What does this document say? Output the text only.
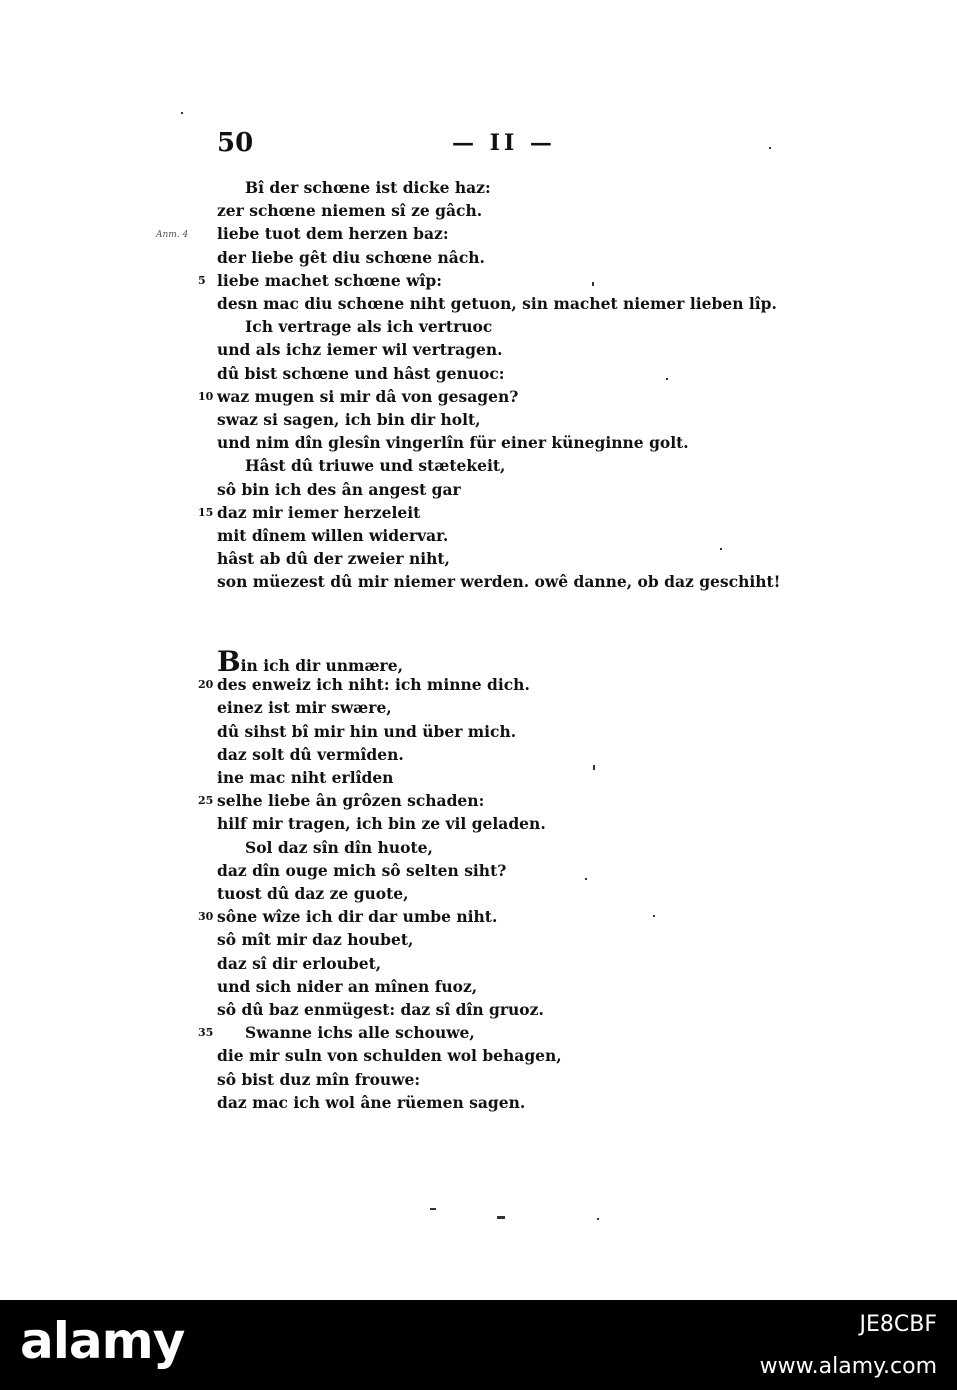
50	— II —
Anm. 4
Bî der schœne ist dicke haz:
zer schœne niemen sî ze gâch.
liebe tuot dem herzen baz:
der liebe gêt diu schœne nâch.
5 liebe machet schœne wîp:
desn mac diu schœne niht getuon, sin machet niemer lieben lîp.
Ich vertrage als ich vertruoc
und als ichz iemer wil vertragen.
dû bist schœne und hâst genuoc:
10 waz mugen si mir dâ von gesagen?
swaz si sagen, ich bin dir holt,
und nim dîn glesîn vingerlîn für einer küneginne golt.
Hâst dû triuwe und stætekeit,
sô bin ich des ân angest gar
15 daz mir iemer herzeleit
mit dînem willen widervar.
hâst ab dû der zweier niht,
son müezest dû mir niemer werden. owê danne, ob daz geschiht!
Bin ich dir unmære,
20 des enweiz ich niht: ich minne dich.
einez ist mir swære,
dû sihst bî mir hin und über mich.
daz solt dû vermîden.
ine mac niht erlîden
25 selhe liebe ân grôzen schaden:
hilf mir tragen, ich bin ze vil geladen.
Sol daz sîn dîn huote,
daz dîn ouge mich sô selten siht?
tuost dû daz ze guote,
30 sône wîze ich dir dar umbe niht.
sô mît mir daz houbet,
daz sî dir erloubet,
und sich nider an mînen fuoz,
sô dû baz enmügest: daz sî dîn gruoz.
35 Swanne ichs alle schouwe,
die mir suln von schulden wol behagen,
sô bist duz mîn frouwe:
daz mac ich wol âne rüemen sagen.
alamy	JE8CBF
www.alamy.com
